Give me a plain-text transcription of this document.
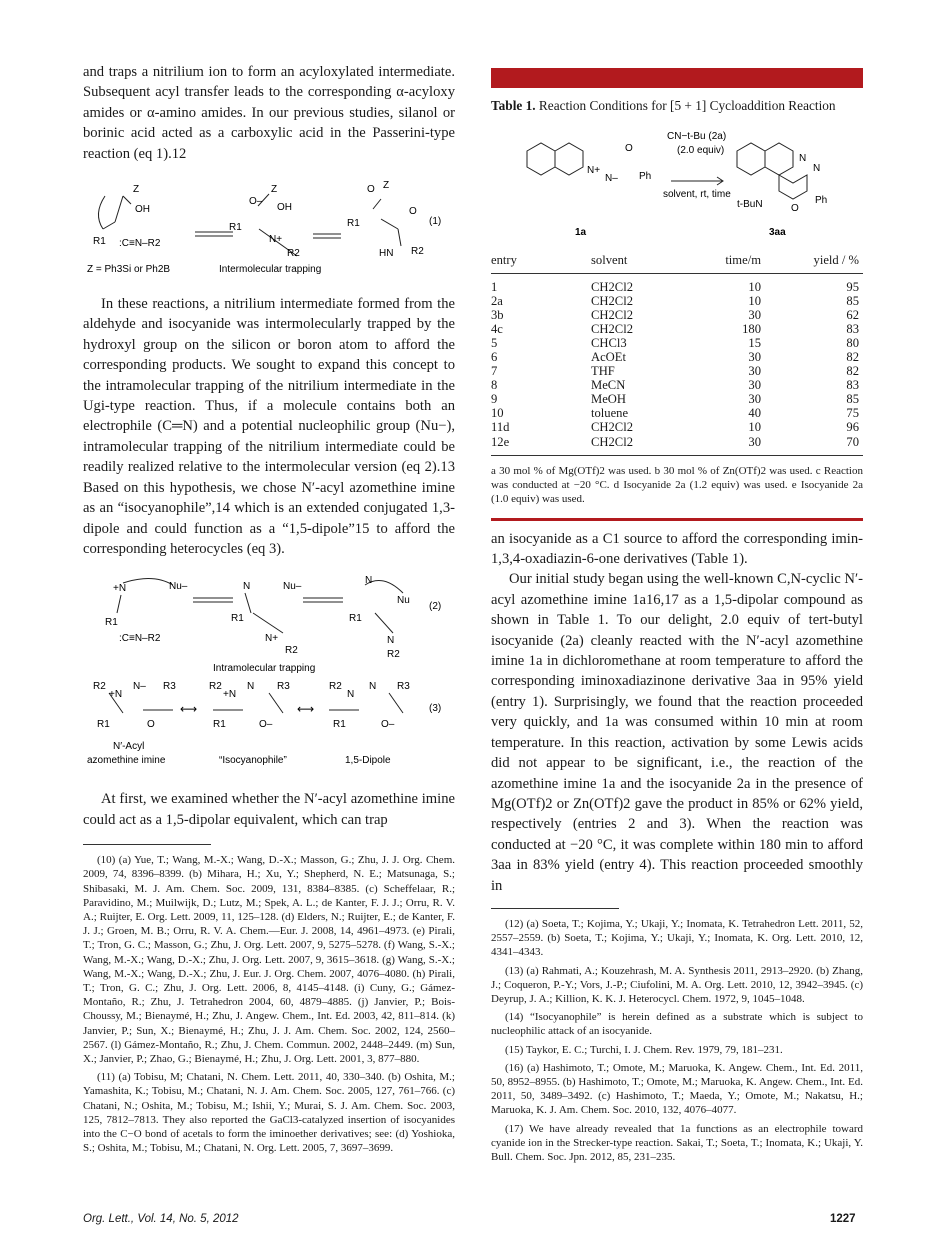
and traps a nitrilium ion to form an acyloxylated intermediate. Subsequent acyl transfer leads to the corresponding α-acyloxy amides or α-amino amides. In our previous studies, silanol or borinic acid acted as a carboxylic acid in the Passerini-type reaction (eq 1).12

Z
OH
R1 :C≡N–R2
O–
Z
OH
R1
N+
R2
O Z
R1
O
HN R2
(1)
Z = Ph3Si or Ph2B	Intermolecular trapping

In these reactions, a nitrilium intermediate formed from the aldehyde and isocyanide was intermolecularly trapped by the hydroxyl group on the silicon or boron atom to afford the corresponding products. We sought to expand this concept to the intramolecular trapping of the nitrilium intermediate in the Ugi-type reaction. Thus, if a molecule contains both an electrophile (C═N) and a potential nucleophilic group (Nu−), intramolecular trapping of the nitrilium intermediate could be readily realized relative to the intermolecular version (eq 2).13 Based on this hypothesis, we chose N′-acyl azomethine imine as an “isocyanophile”,14 which is an extended conjugated 1,3-dipole and could function as a “1,5-dipole”15 to afford the corresponding heterocycles (eq 3).

+N	Nu–
R1
:C≡N–R2
N	Nu–
R1
N+
R2
N
Nu
R1
N
R2
(2)
Intramolecular trapping
R2
+N
N– R3
O
R1
R2
+N
N R3
O–
R1
R2
N
N R3
O–
R1
⟷	⟷	(3)
N′-Acyl
azomethine imine	“Isocyanophile”	1,5-Dipole

At first, we examined whether the N′-acyl azomethine imine could act as a 1,5-dipolar equivalent, which can trap

(10) (a) Yue, T.; Wang, M.-X.; Wang, D.-X.; Masson, G.; Zhu, J. J. Org. Chem. 2009, 74, 8396–8399. (b) Mihara, H.; Xu, Y.; Shepherd, N. E.; Matsunaga, S.; Shibasaki, M. J. Am. Chem. Soc. 2009, 131, 8384–8385. (c) Scheffelaar, R.; Paravidino, M.; Muilwijk, D.; Lutz, M.; Spek, A. L.; de Kanter, F. J. J.; Orru, R. V. A.; Ruijter, E. Org. Lett. 2009, 11, 125–128. (d) Elders, N.; Ruijter, E.; de Kanter, F. J. J.; Groen, M. B.; Orru, R. V. A. Chem.—Eur. J. 2008, 14, 4961–4973. (e) Pirali, T.; Tron, G. C.; Masson, G.; Zhu, J. Org. Lett. 2007, 9, 5275–5278. (f) Wang, S.-X.; Wang, M.-X.; Wang, D.-X.; Zhu, J. Org. Lett. 2007, 9, 3615–3618. (g) Wang, S.-X.; Wang, M.-X.; Wang, D.-X.; Zhu, J. Eur. J. Org. Chem. 2007, 4076–4080. (h) Pirali, T.; Tron, G. C.; Zhu, J. Org. Lett. 2006, 8, 4145–4148. (i) Cuny, G.; Gámez-Montaño, R.; Zhu, J. Tetrahedron 2004, 60, 4879–4885. (j) Janvier, P.; Bois-Choussy, M.; Bienaymé, H.; Zhu, J. Angew. Chem., Int. Ed. 2003, 42, 811–814. (k) Janvier, P.; Sun, X.; Bienaymé, H.; Zhu, J. J. Am. Chem. Soc. 2002, 124, 2560–2567. (l) Gámez-Montaño, R.; Zhu, J. Chem. Commun. 2002, 2448–2449. (m) Sun, X.; Janvier, P.; Zhao, G.; Bienaymé, H.; Zhu, J. Org. Lett. 2001, 3, 877–880.

(11) (a) Tobisu, M; Chatani, N. Chem. Lett. 2011, 40, 330–340. (b) Oshita, M.; Yamashita, K.; Tobisu, M.; Chatani, N. J. Am. Chem. Soc. 2005, 127, 761–766. (c) Chatani, N.; Oshita, M.; Tobisu, M.; Ishii, Y.; Murai, S. J. Am. Chem. Soc. 2003, 125, 7812–7813. They also reported the GaCl3-catalyzed insertion of isocyanides into the C−O bond of acetals to form the iminoether derivatives; see: (d) Yoshioka, S.; Oshita, M.; Tobisu, M.; Chatani, N. Org. Lett. 2005, 7, 3697–3699.

Table 1. Reaction Conditions for [5 + 1] Cycloaddition Reaction

N+
N–
O
Ph
CN−t-Bu (2a)
(2.0 equiv)
solvent, rt, time
N
N
Ph
O
t-BuN
1a	3aa
entry	solvent	time/m	yield / %
1	CH2Cl2	10	95
2a	CH2Cl2	10	85
3b	CH2Cl2	30	62
4c	CH2Cl2	180	83
5	CHCl3	15	80
6	AcOEt	30	82
7	THF	30	82
8	MeCN	30	83
9	MeOH	30	85
10	toluene	40	75
11d	CH2Cl2	10	96
12e	CH2Cl2	30	70

a 30 mol % of Mg(OTf)2 was used. b 30 mol % of Zn(OTf)2 was used. c Reaction was conducted at −20 °C. d Isocyanide 2a (1.2 equiv) was used. e Isocyanide 2a (1.0 equiv) was used.

an isocyanide as a C1 source to afford the corresponding imin-1,3,4-oxadiazin-6-one derivatives (Table 1).

Our initial study began using the well-known C,N-cyclic N′-acyl azomethine imine 1a16,17 as a 1,5-dipolar compound as shown in Table 1. To our delight, 2.0 equiv of tert-butyl isocyanide (2a) cleanly reacted with the N′-acyl azomethine imine 1a in dichloromethane at room temperature to afford the corresponding iminoxadiazinone derivative 3aa in 95% yield (entry 1). Surprisingly, we found that the reaction proceeded very quickly, and 1a was consumed within 10 min at room temperature. In this reaction, activation by some Lewis acids did not appear to be significant, i.e., the reaction of the azomethine imine 1a and the isocyanide 2a in the presence of Mg(OTf)2 or Zn(OTf)2 gave the product in 85% or 62% yield, respectively (entries 2 and 3). When the reaction was conducted at −20 °C, it was complete within 180 min to afford 3aa in 83% yield (entry 4). This reaction proceeded smoothly in

(12) (a) Soeta, T.; Kojima, Y.; Ukaji, Y.; Inomata, K. Tetrahedron Lett. 2011, 52, 2557–2559. (b) Soeta, T.; Kojima, Y.; Ukaji, Y.; Inomata, K. Org. Lett. 2010, 12, 4341–4343.

(13) (a) Rahmati, A.; Kouzehrash, M. A. Synthesis 2011, 2913–2920. (b) Zhang, J.; Coqueron, P.-Y.; Vors, J.-P.; Ciufolini, M. A. Org. Lett. 2010, 12, 3942–3945. (c) Deyrup, J. A.; Killion, K. K. J. Heterocycl. Chem. 1972, 9, 1045–1048.

(14) “Isocyanophile” is herein defined as a substrate which is subject to nucleophilic attack of an isocyanide.

(15) Taykor, E. C.; Turchi, I. J. Chem. Rev. 1979, 79, 181–231.

(16) (a) Hashimoto, T.; Omote, M.; Maruoka, K. Angew. Chem., Int. Ed. 2011, 50, 8952–8955. (b) Hashimoto, T.; Omote, M.; Maruoka, K. Angew. Chem., Int. Ed. 2011, 50, 3489–3492. (c) Hashimoto, T.; Maeda, Y.; Omote, M.; Nakatsu, H.; Maruoka, K. J. Am. Chem. Soc. 2010, 132, 4076–4077.

(17) We have already revealed that 1a functions as an electrophile toward cyanide ion in the Strecker-type reaction. Sakai, T.; Soeta, T.; Inomata, K.; Ukaji, Y. Bull. Chem. Soc. Jpn. 2012, 85, 231–235.

Org. Lett., Vol. 14, No. 5, 2012	1227
